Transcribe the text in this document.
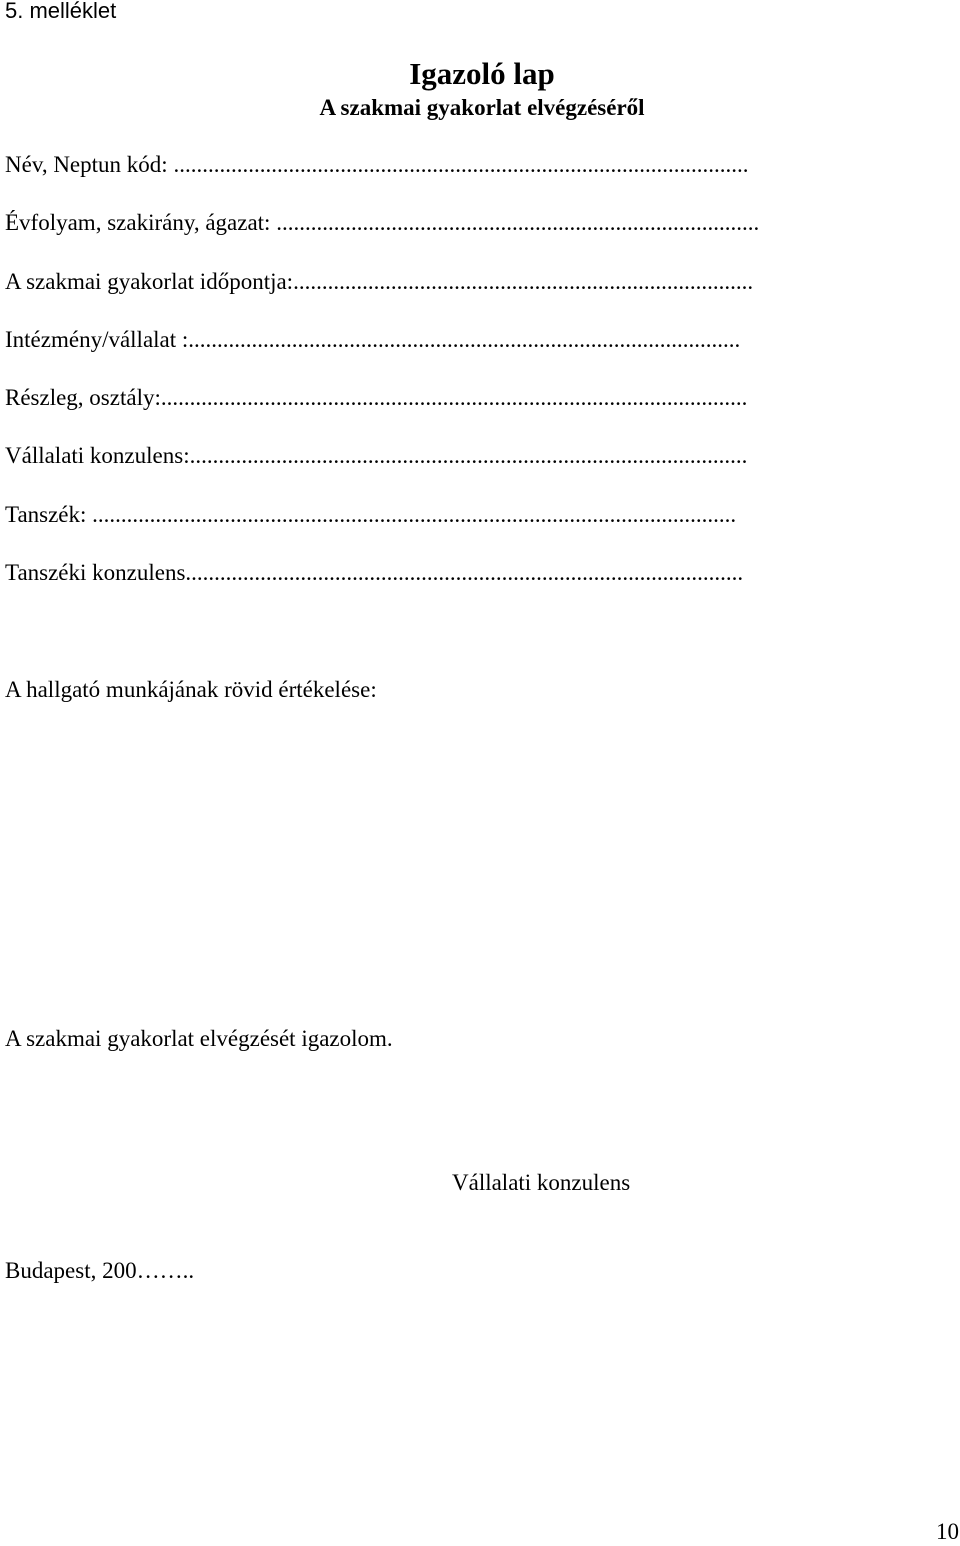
5. melléklet
Igazoló lap
A szakmai gyakorlat elvégzéséről
Név, Neptun kód: ....................................................................................................
Évfolyam, szakirány, ágazat: ....................................................................................
A szakmai gyakorlat időpontja:................................................................................
Intézmény/vállalat :................................................................................................
Részleg, osztály:......................................................................................................
Vállalati konzulens:.................................................................................................
Tanszék: ................................................................................................................
Tanszéki konzulens.................................................................................................
A hallgató munkájának rövid értékelése:
A szakmai gyakorlat elvégzését igazolom.
Vállalati konzulens
Budapest, 200……..
10
